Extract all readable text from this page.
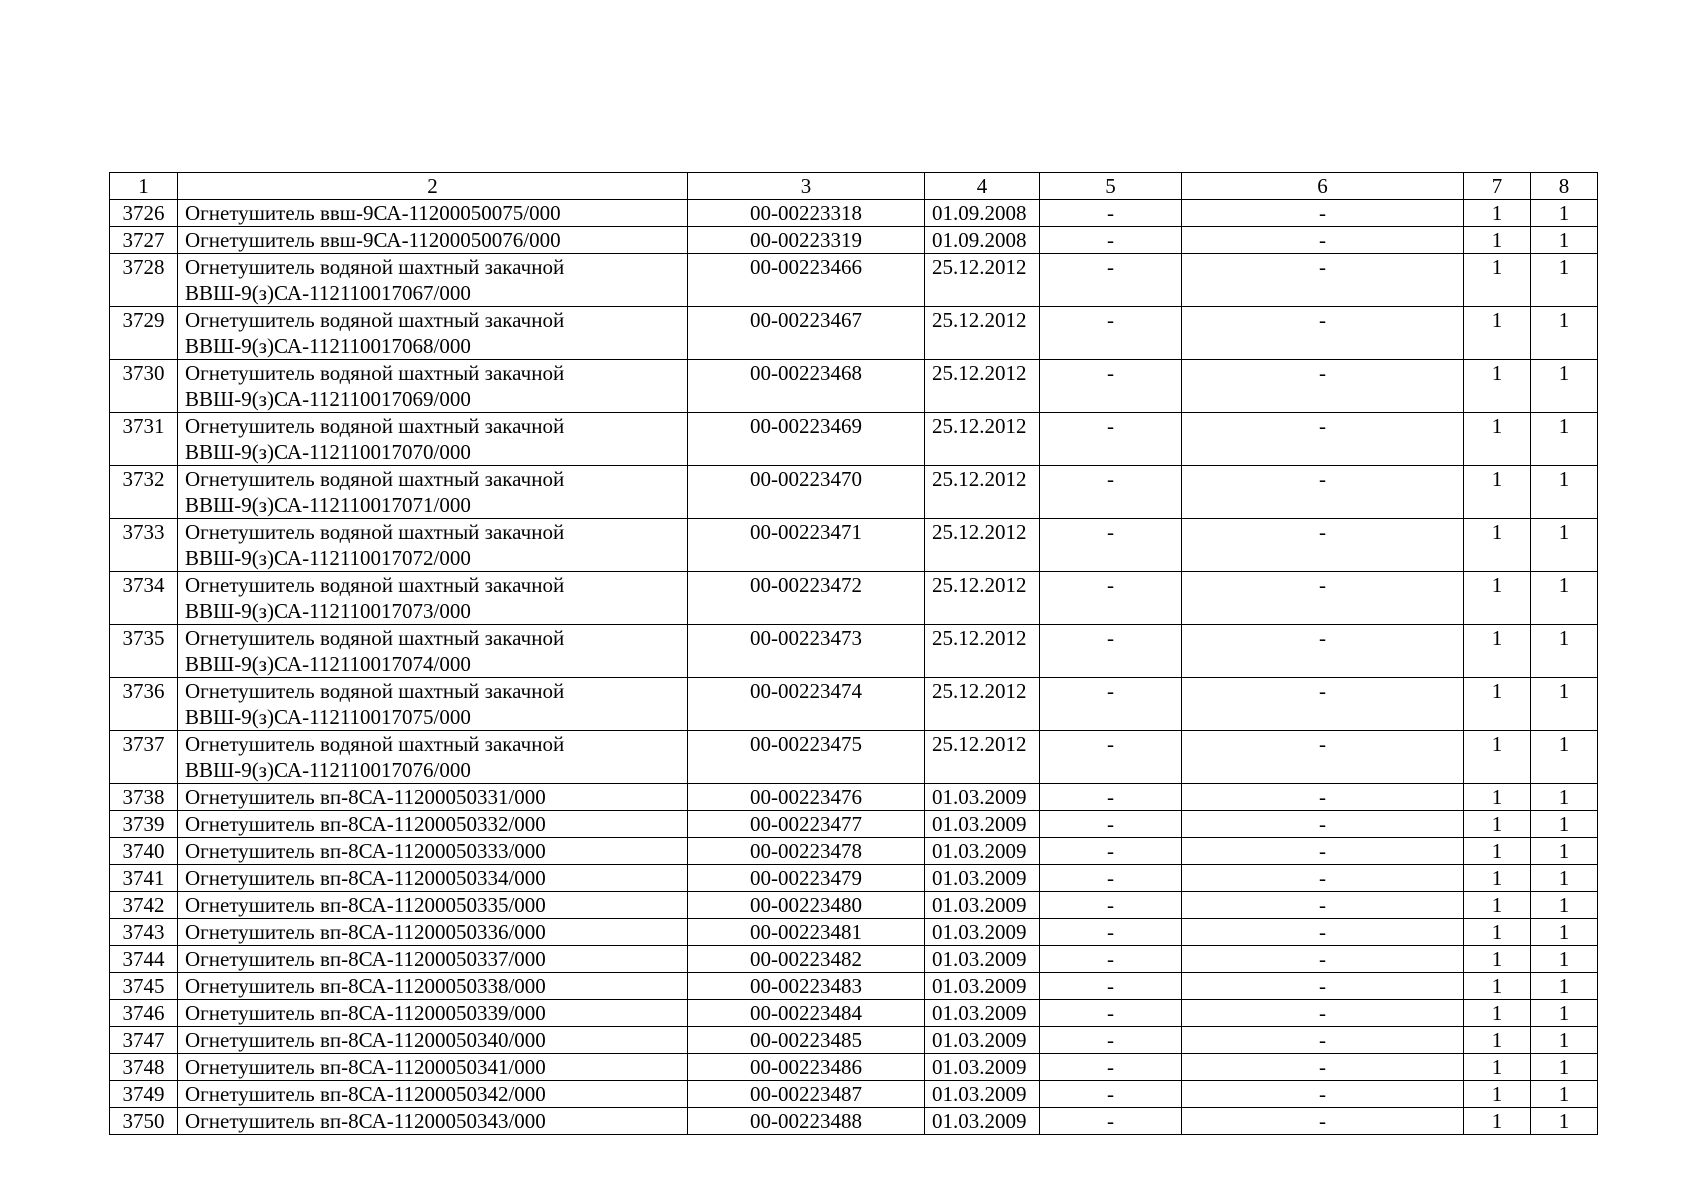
1	2	3	4	5	6	7	8
3726	Огнетушитель ввш-9СА-11200050075/000	00-00223318	01.09.2008	-	-	1	1
3727	Огнетушитель ввш-9СА-11200050076/000	00-00223319	01.09.2008	-	-	1	1
3728	Огнетушитель водяной шахтный закачной ВВШ-9(з)СА-112110017067/000	00-00223466	25.12.2012	-	-	1	1
3729	Огнетушитель водяной шахтный закачной ВВШ-9(з)СА-112110017068/000	00-00223467	25.12.2012	-	-	1	1
3730	Огнетушитель водяной шахтный закачной ВВШ-9(з)СА-112110017069/000	00-00223468	25.12.2012	-	-	1	1
3731	Огнетушитель водяной шахтный закачной ВВШ-9(з)СА-112110017070/000	00-00223469	25.12.2012	-	-	1	1
3732	Огнетушитель водяной шахтный закачной ВВШ-9(з)СА-112110017071/000	00-00223470	25.12.2012	-	-	1	1
3733	Огнетушитель водяной шахтный закачной ВВШ-9(з)СА-112110017072/000	00-00223471	25.12.2012	-	-	1	1
3734	Огнетушитель водяной шахтный закачной ВВШ-9(з)СА-112110017073/000	00-00223472	25.12.2012	-	-	1	1
3735	Огнетушитель водяной шахтный закачной ВВШ-9(з)СА-112110017074/000	00-00223473	25.12.2012	-	-	1	1
3736	Огнетушитель водяной шахтный закачной ВВШ-9(з)СА-112110017075/000	00-00223474	25.12.2012	-	-	1	1
3737	Огнетушитель водяной шахтный закачной ВВШ-9(з)СА-112110017076/000	00-00223475	25.12.2012	-	-	1	1
3738	Огнетушитель вп-8СА-11200050331/000	00-00223476	01.03.2009	-	-	1	1
3739	Огнетушитель вп-8СА-11200050332/000	00-00223477	01.03.2009	-	-	1	1
3740	Огнетушитель вп-8СА-11200050333/000	00-00223478	01.03.2009	-	-	1	1
3741	Огнетушитель вп-8СА-11200050334/000	00-00223479	01.03.2009	-	-	1	1
3742	Огнетушитель вп-8СА-11200050335/000	00-00223480	01.03.2009	-	-	1	1
3743	Огнетушитель вп-8СА-11200050336/000	00-00223481	01.03.2009	-	-	1	1
3744	Огнетушитель вп-8СА-11200050337/000	00-00223482	01.03.2009	-	-	1	1
3745	Огнетушитель вп-8СА-11200050338/000	00-00223483	01.03.2009	-	-	1	1
3746	Огнетушитель вп-8СА-11200050339/000	00-00223484	01.03.2009	-	-	1	1
3747	Огнетушитель вп-8СА-11200050340/000	00-00223485	01.03.2009	-	-	1	1
3748	Огнетушитель вп-8СА-11200050341/000	00-00223486	01.03.2009	-	-	1	1
3749	Огнетушитель вп-8СА-11200050342/000	00-00223487	01.03.2009	-	-	1	1
3750	Огнетушитель вп-8СА-11200050343/000	00-00223488	01.03.2009	-	-	1	1
